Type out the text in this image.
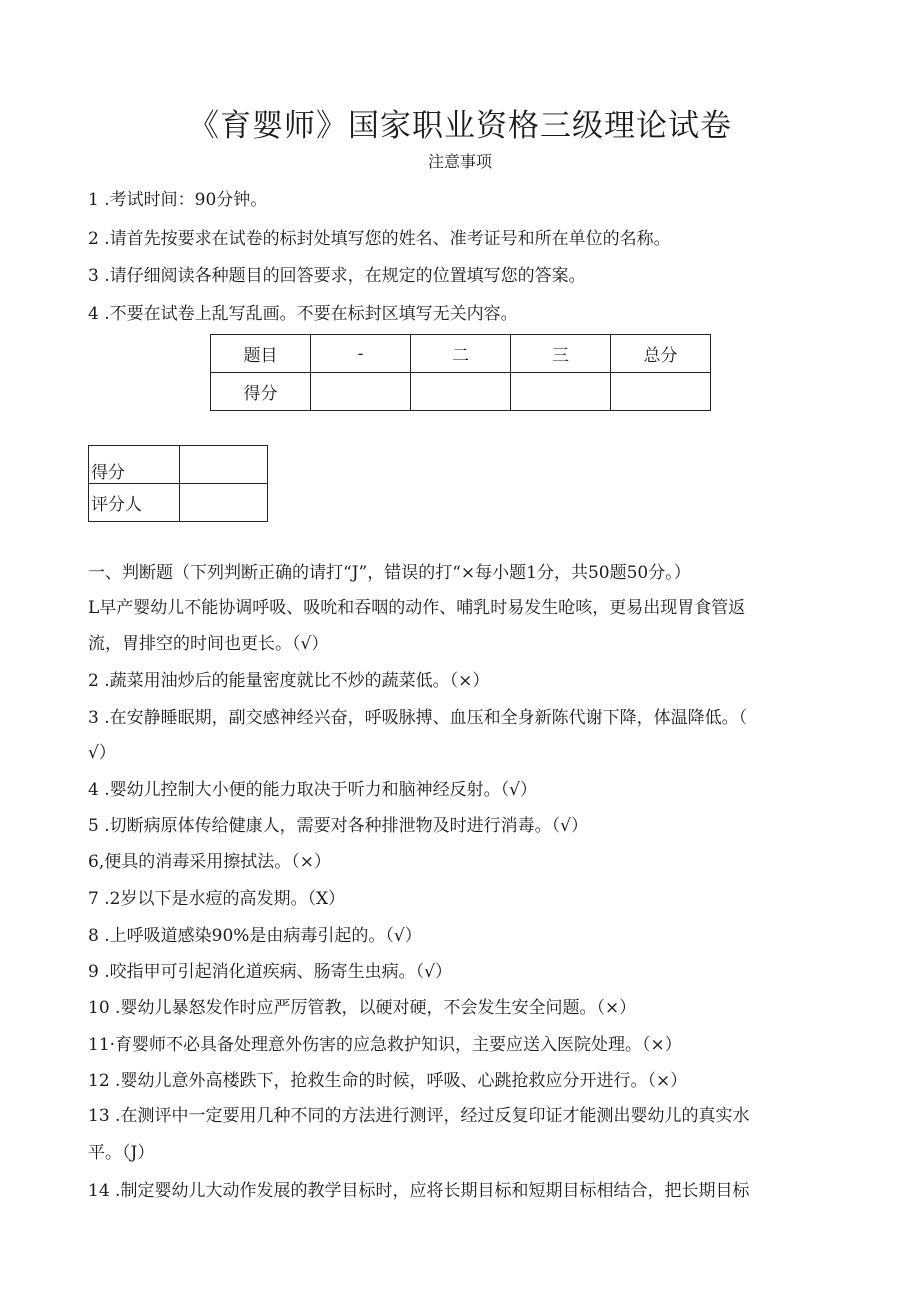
《育婴师》国家职业资格三级理论试卷
注意事项
1 .考试时间：90分钟。
2 .请首先按要求在试卷的标封处填写您的姓名、准考证号和所在单位的名称。
3 .请仔细阅读各种题目的回答要求，在规定的位置填写您的答案。
4 .不要在试卷上乱写乱画。不要在标封区填写无关内容。
题目	-	二	三	总分
得分				
得分	
评分人	
一、判断题（下列判断正确的请打“J”，错误的打“×每小题1分，共50题50分。）
L早产婴幼儿不能协调呼吸、吸吮和吞咽的动作、哺乳时易发生呛咳，更易出现胃食管返
流，胃排空的时间也更长。（√）
2 .蔬菜用油炒后的能量密度就比不炒的蔬菜低。（×）
3 .在安静睡眠期，副交感神经兴奋，呼吸脉搏、血压和全身新陈代谢下降，体温降低。（
√）
4 .婴幼儿控制大小便的能力取决于听力和脑神经反射。（√）
5 .切断病原体传给健康人，需要对各种排泄物及时进行消毒。（√）
6,便具的消毒采用擦拭法。（×）
7 .2岁以下是水痘的高发期。（X）
8 .上呼吸道感染90%是由病毒引起的。（√）
9 .咬指甲可引起消化道疾病、肠寄生虫病。（√）
10 .婴幼儿暴怒发作时应严厉管教，以硬对硬，不会发生安全问题。（×）
11·育婴师不必具备处理意外伤害的应急救护知识，主要应送入医院处理。（×）
12 .婴幼儿意外高楼跌下，抢救生命的时候，呼吸、心跳抢救应分开进行。（×）
13 .在测评中一定要用几种不同的方法进行测评，经过反复印证才能测出婴幼儿的真实水
平。（J）
14 .制定婴幼儿大动作发展的教学目标时，应将长期目标和短期目标相结合，把长期目标
